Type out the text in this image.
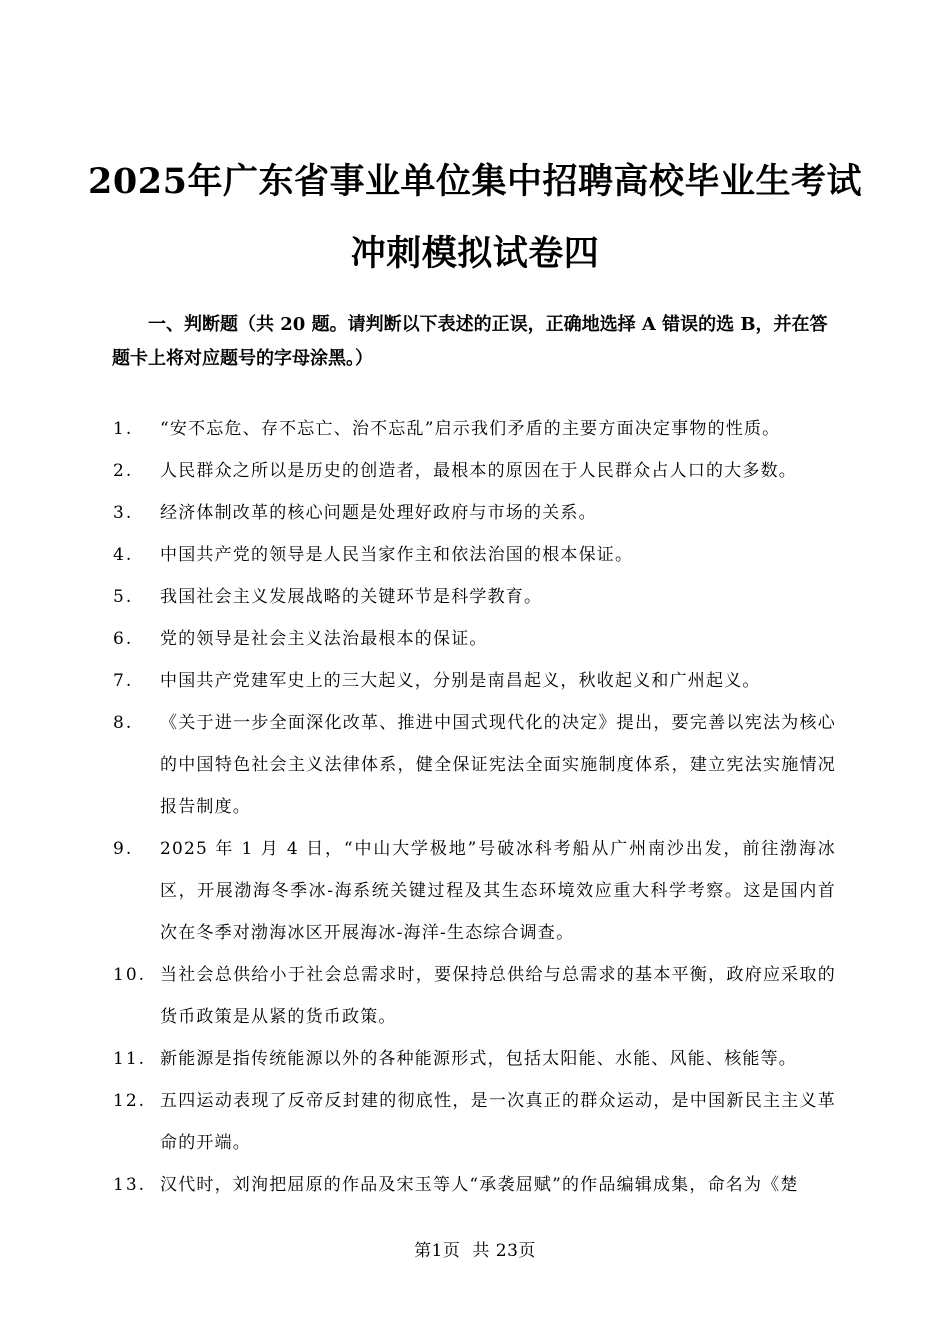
2025年广东省事业单位集中招聘高校毕业生考试
冲刺模拟试卷四
一、判断题（共 20 题。请判断以下表述的正误，正确地选择 A 错误的选 B，并在答题卡上将对应题号的字母涂黑。）
1.	“安不忘危、存不忘亡、治不忘乱”启示我们矛盾的主要方面决定事物的性质。
2.	人民群众之所以是历史的创造者，最根本的原因在于人民群众占人口的大多数。
3.	经济体制改革的核心问题是处理好政府与市场的关系。
4.	中国共产党的领导是人民当家作主和依法治国的根本保证。
5.	我国社会主义发展战略的关键环节是科学教育。
6.	党的领导是社会主义法治最根本的保证。
7.	中国共产党建军史上的三大起义，分别是南昌起义，秋收起义和广州起义。
8.	《关于进一步全面深化改革、推进中国式现代化的决定》提出，要完善以宪法为核心的中国特色社会主义法律体系，健全保证宪法全面实施制度体系，建立宪法实施情况报告制度。
9.	2025 年 1 月 4 日，“中山大学极地”号破冰科考船从广州南沙出发，前往渤海冰区，开展渤海冬季冰-海系统关键过程及其生态环境效应重大科学考察。这是国内首次在冬季对渤海冰区开展海冰-海洋-生态综合调查。
10. 当社会总供给小于社会总需求时，要保持总供给与总需求的基本平衡，政府应采取的货币政策是从紧的货币政策。
11. 新能源是指传统能源以外的各种能源形式，包括太阳能、水能、风能、核能等。
12. 五四运动表现了反帝反封建的彻底性，是一次真正的群众运动，是中国新民主主义革命的开端。
13. 汉代时，刘洵把屈原的作品及宋玉等人“承袭屈赋”的作品编辑成集，命名为《楚
第1页 共 23页
